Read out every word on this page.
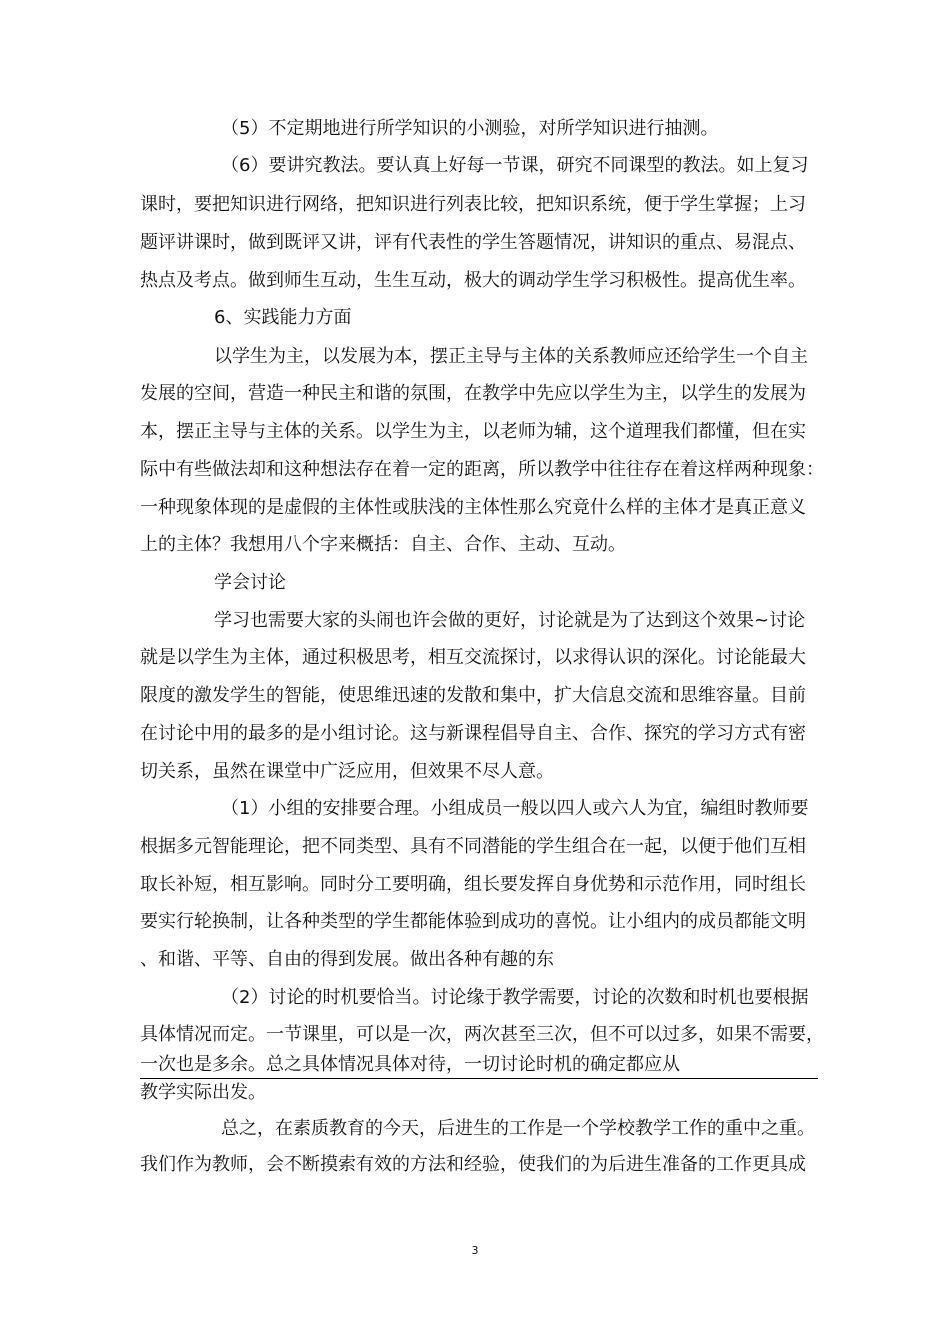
（5）不定期地进行所学知识的小测验，对所学知识进行抽测。
（6）要讲究教法。要认真上好每一节课，研究不同课型的教法。如上复习
课时，要把知识进行网络，把知识进行列表比较，把知识系统，便于学生掌握；上习
题评讲课时，做到既评又讲，评有代表性的学生答题情况，讲知识的重点、易混点、
热点及考点。做到师生互动，生生互动，极大的调动学生学习积极性。提高优生率。
6、实践能力方面
以学生为主，以发展为本，摆正主导与主体的关系教师应还给学生一个自主
发展的空间，营造一种民主和谐的氛围，在教学中先应以学生为主，以学生的发展为
本，摆正主导与主体的关系。以学生为主，以老师为辅，这个道理我们都懂，但在实
际中有些做法却和这种想法存在着一定的距离，所以教学中往往存在着这样两种现象：
一种现象体现的是虚假的主体性或肤浅的主体性那么究竟什么样的主体才是真正意义
上的主体？我想用八个字来概括：自主、合作、主动、互动。
学会讨论
学习也需要大家的头闹也许会做的更好，讨论就是为了达到这个效果~讨论
就是以学生为主体，通过积极思考，相互交流探讨，以求得认识的深化。讨论能最大
限度的激发学生的智能，使思维迅速的发散和集中，扩大信息交流和思维容量。目前
在讨论中用的最多的是小组讨论。这与新课程倡导自主、合作、探究的学习方式有密
切关系，虽然在课堂中广泛应用，但效果不尽人意。
（1）小组的安排要合理。小组成员一般以四人或六人为宜，编组时教师要
根据多元智能理论，把不同类型、具有不同潜能的学生组合在一起，以便于他们互相
取长补短，相互影响。同时分工要明确，组长要发挥自身优势和示范作用，同时组长
要实行轮换制，让各种类型的学生都能体验到成功的喜悦。让小组内的成员都能文明
、和谐、平等、自由的得到发展。做出各种有趣的东
（2）讨论的时机要恰当。讨论缘于教学需要，讨论的次数和时机也要根据
具体情况而定。一节课里，可以是一次，两次甚至三次，但不可以过多，如果不需要，
一次也是多余。总之具体情况具体对待，一切讨论时机的确定都应从
教学实际出发。
总之，在素质教育的今天，后进生的工作是一个学校教学工作的重中之重。
我们作为教师，会不断摸索有效的方法和经验，使我们的为后进生准备的工作更具成
3
